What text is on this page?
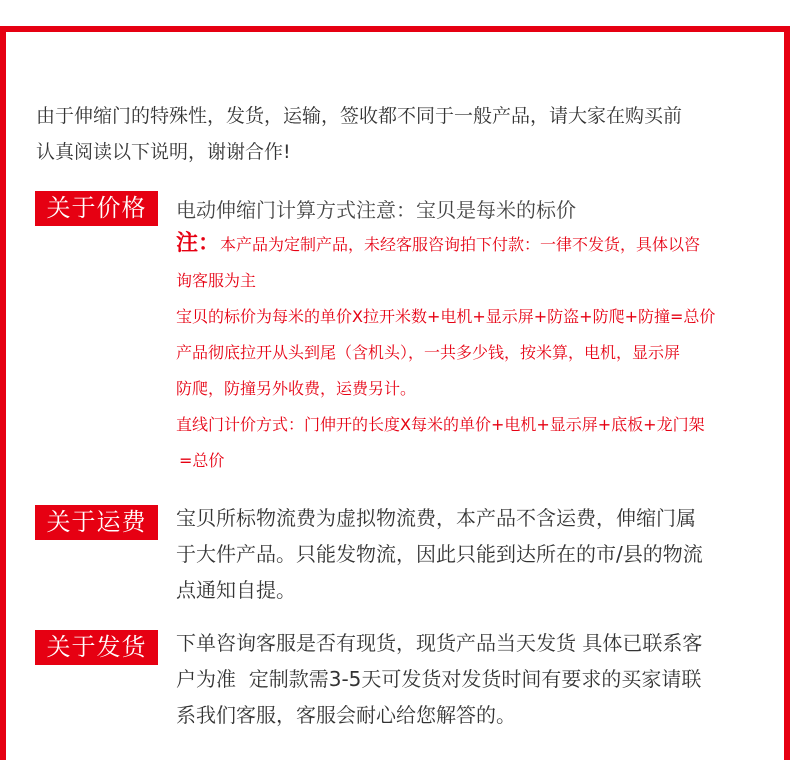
由于伸缩门的特殊性，发货，运输，签收都不同于一般产品，请大家在购买前
认真阅读以下说明，谢谢合作!
关于价格	电动伸缩门计算方式注意：宝贝是每米的标价
注：本产品为定制产品，未经客服咨询拍下付款：一律不发货，具体以咨
询客服为主
宝贝的标价为每米的单价X拉开米数+电机+显示屏+防盗+防爬+防撞=总价
产品彻底拉开从头到尾（含机头），一共多少钱，按米算，电机，显示屏
防爬，防撞另外收费，运费另计。
直线门计价方式：门伸开的长度X每米的单价+电机+显示屏+底板+龙门架
=总价
关于运费	宝贝所标物流费为虚拟物流费，本产品不含运费，伸缩门属
于大件产品。只能发物流，因此只能到达所在的市/县的物流
点通知自提。
关于发货	下单咨询客服是否有现货，现货产品当天发货 具体已联系客
户为准  定制款需3-5天可发货对发货时间有要求的买家请联
系我们客服，客服会耐心给您解答的。
